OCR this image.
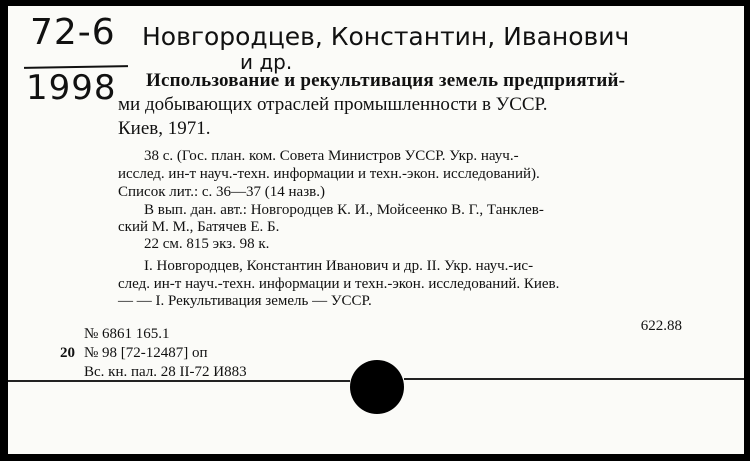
72-6
1998
Новгородцев, Константин, Иванович
и др.
Использование и рекультивация земель предприятий-
ми добывающих отраслей промышленности в УССР.
Киев, 1971.
38 с. (Гос. план. ком. Совета Министров УССР. Укр. науч.-
исслед. ин-т науч.-техн. информации и техн.-экон. исследований).
Список лит.: с. 36—37 (14 назв.)
В вып. дан. авт.: Новгородцев К. И., Мойсеенко В. Г., Танклев-
ский М. М., Батячев Е. Б.
22 см. 815 экз. 98 к.
I. Новгородцев, Константин Иванович и др. II. Укр. науч.-ис-
след. ин-т науч.-техн. информации и техн.-экон. исследований. Киев.
— — I. Рекультивация земель — УССР.
622.88
№ 6861 165.1
20 № 98 [72-12487] оп
Вс. кн. пал. 28 II-72 И883
